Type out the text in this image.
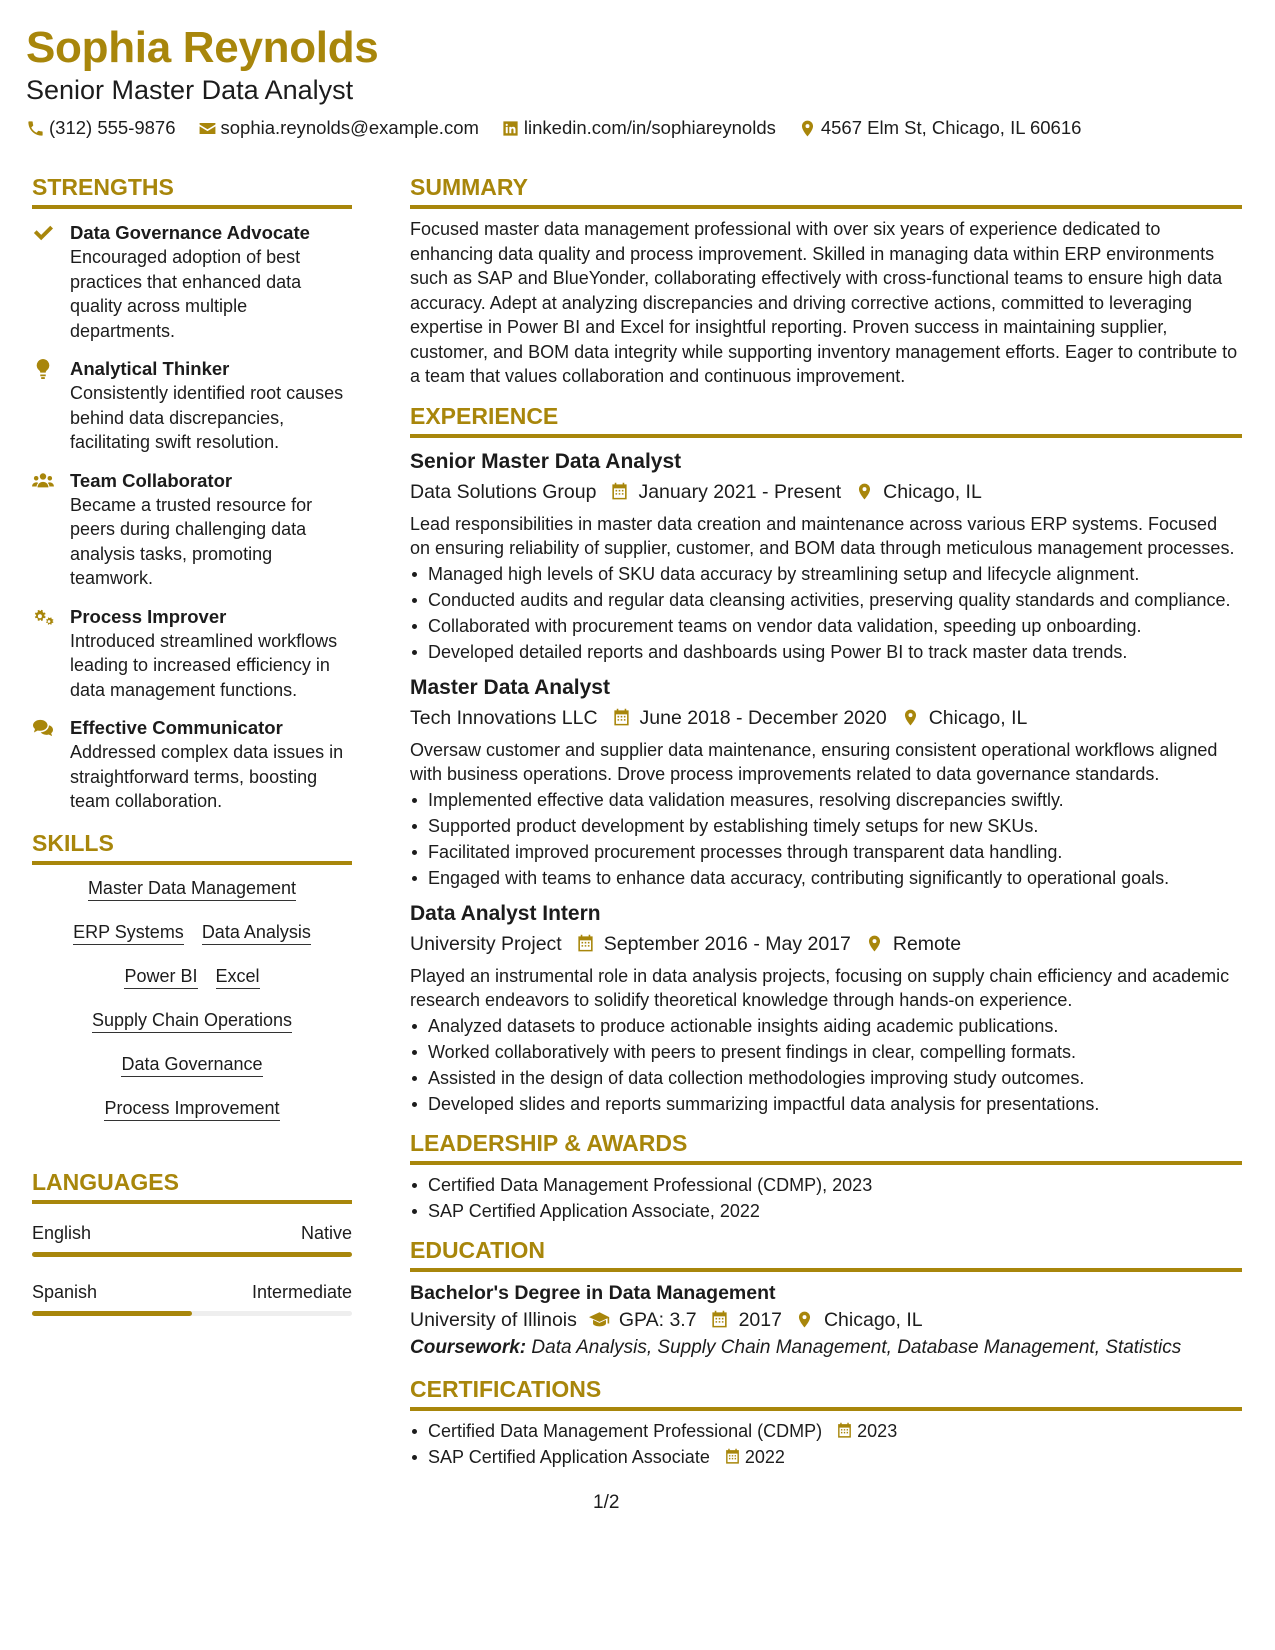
Sophia Reynolds
Senior Master Data Analyst
(312) 555-9876 sophia.reynolds@example.com linkedin.com/in/sophiareynolds 4567 Elm St, Chicago, IL 60616
STRENGTHS
Data Governance Advocate
Encouraged adoption of best practices that enhanced data quality across multiple departments.
Analytical Thinker
Consistently identified root causes behind data discrepancies, facilitating swift resolution.
Team Collaborator
Became a trusted resource for peers during challenging data analysis tasks, promoting teamwork.
Process Improver
Introduced streamlined workflows leading to increased efficiency in data management functions.
Effective Communicator
Addressed complex data issues in straightforward terms, boosting team collaboration.
SKILLS
Master Data Management
ERP Systems Data Analysis
Power BI Excel
Supply Chain Operations
Data Governance
Process Improvement
LANGUAGES
English	Native
Spanish	Intermediate
SUMMARY
Focused master data management professional with over six years of experience dedicated to enhancing data quality and process improvement. Skilled in managing data within ERP environments such as SAP and BlueYonder, collaborating effectively with cross-functional teams to ensure high data accuracy. Adept at analyzing discrepancies and driving corrective actions, committed to leveraging expertise in Power BI and Excel for insightful reporting. Proven success in maintaining supplier, customer, and BOM data integrity while supporting inventory management efforts. Eager to contribute to a team that values collaboration and continuous improvement.
EXPERIENCE
Senior Master Data Analyst
Data Solutions Group January 2021 - Present Chicago, IL
Lead responsibilities in master data creation and maintenance across various ERP systems. Focused on ensuring reliability of supplier, customer, and BOM data through meticulous management processes.
Managed high levels of SKU data accuracy by streamlining setup and lifecycle alignment.
Conducted audits and regular data cleansing activities, preserving quality standards and compliance.
Collaborated with procurement teams on vendor data validation, speeding up onboarding.
Developed detailed reports and dashboards using Power BI to track master data trends.
Master Data Analyst
Tech Innovations LLC June 2018 - December 2020 Chicago, IL
Oversaw customer and supplier data maintenance, ensuring consistent operational workflows aligned with business operations. Drove process improvements related to data governance standards.
Implemented effective data validation measures, resolving discrepancies swiftly.
Supported product development by establishing timely setups for new SKUs.
Facilitated improved procurement processes through transparent data handling.
Engaged with teams to enhance data accuracy, contributing significantly to operational goals.
Data Analyst Intern
University Project September 2016 - May 2017 Remote
Played an instrumental role in data analysis projects, focusing on supply chain efficiency and academic research endeavors to solidify theoretical knowledge through hands-on experience.
Analyzed datasets to produce actionable insights aiding academic publications.
Worked collaboratively with peers to present findings in clear, compelling formats.
Assisted in the design of data collection methodologies improving study outcomes.
Developed slides and reports summarizing impactful data analysis for presentations.
LEADERSHIP & AWARDS
Certified Data Management Professional (CDMP), 2023
SAP Certified Application Associate, 2022
EDUCATION
Bachelor's Degree in Data Management
University of Illinois GPA: 3.7 2017 Chicago, IL
Coursework: Data Analysis, Supply Chain Management, Database Management, Statistics
CERTIFICATIONS
Certified Data Management Professional (CDMP) 2023
SAP Certified Application Associate 2022
1/2
